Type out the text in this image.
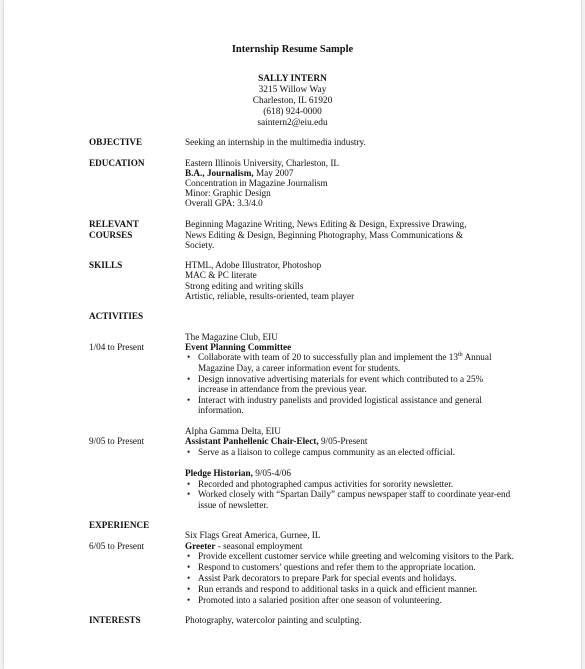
Internship Resume Sample
SALLY INTERN
3215 Willow Way
Charleston, IL 61920
(618) 924-0000
saintern2@eiu.edu
OBJECTIVE	Seeking an internship in the multimedia industry.
EDUCATION	Eastern Illinois University, Charleston, IL
B.A., Journalism, May 2007
Concentration in Magazine Journalism
Minor: Graphic Design
Overall GPA: 3.3/4.0
RELEVANT
COURSES
Beginning Magazine Writing, News Editing & Design, Expressive Drawing,
News Editing & Design, Beginning Photography, Mass Communications &
Society.
SKILLS	HTML, Adobe Illustrator, Photoshop
MAC & PC literate
Strong editing and writing skills
Artistic, reliable, results-oriented, team player
ACTIVITIES
The Magazine Club, EIU
1/04 to Present	Event Planning Committee
• Collaborate with team of 20 to successfully plan and implement the 13th Annual
Magazine Day, a career information event for students.
• Design innovative advertising materials for event which contributed to a 25%
increase in attendance from the previous year.
• Interact with industry panelists and provided logistical assistance and general
information.
Alpha Gamma Delta, EIU
9/05 to Present	Assistant Panhellenic Chair-Elect, 9/05-Present
• Serve as a liaison to college campus community as an elected official.
Pledge Historian, 9/05-4/06
• Recorded and photographed campus activities for sorority newsletter.
• Worked closely with “Spartan Daily” campus newspaper staff to coordinate year-end
issue of newsletter.
EXPERIENCE
Six Flags Great America, Gurnee, IL
6/05 to Present	Greeter - seasonal employment
• Provide excellent customer service while greeting and welcoming visitors to the Park.
• Respond to customers’ questions and refer them to the appropriate location.
• Assist Park decorators to prepare Park for special events and holidays.
• Run errands and respond to additional tasks in a quick and efficient manner.
• Promoted into a salaried position after one season of volunteering.
INTERESTS	Photography, watercolor painting and sculpting.
